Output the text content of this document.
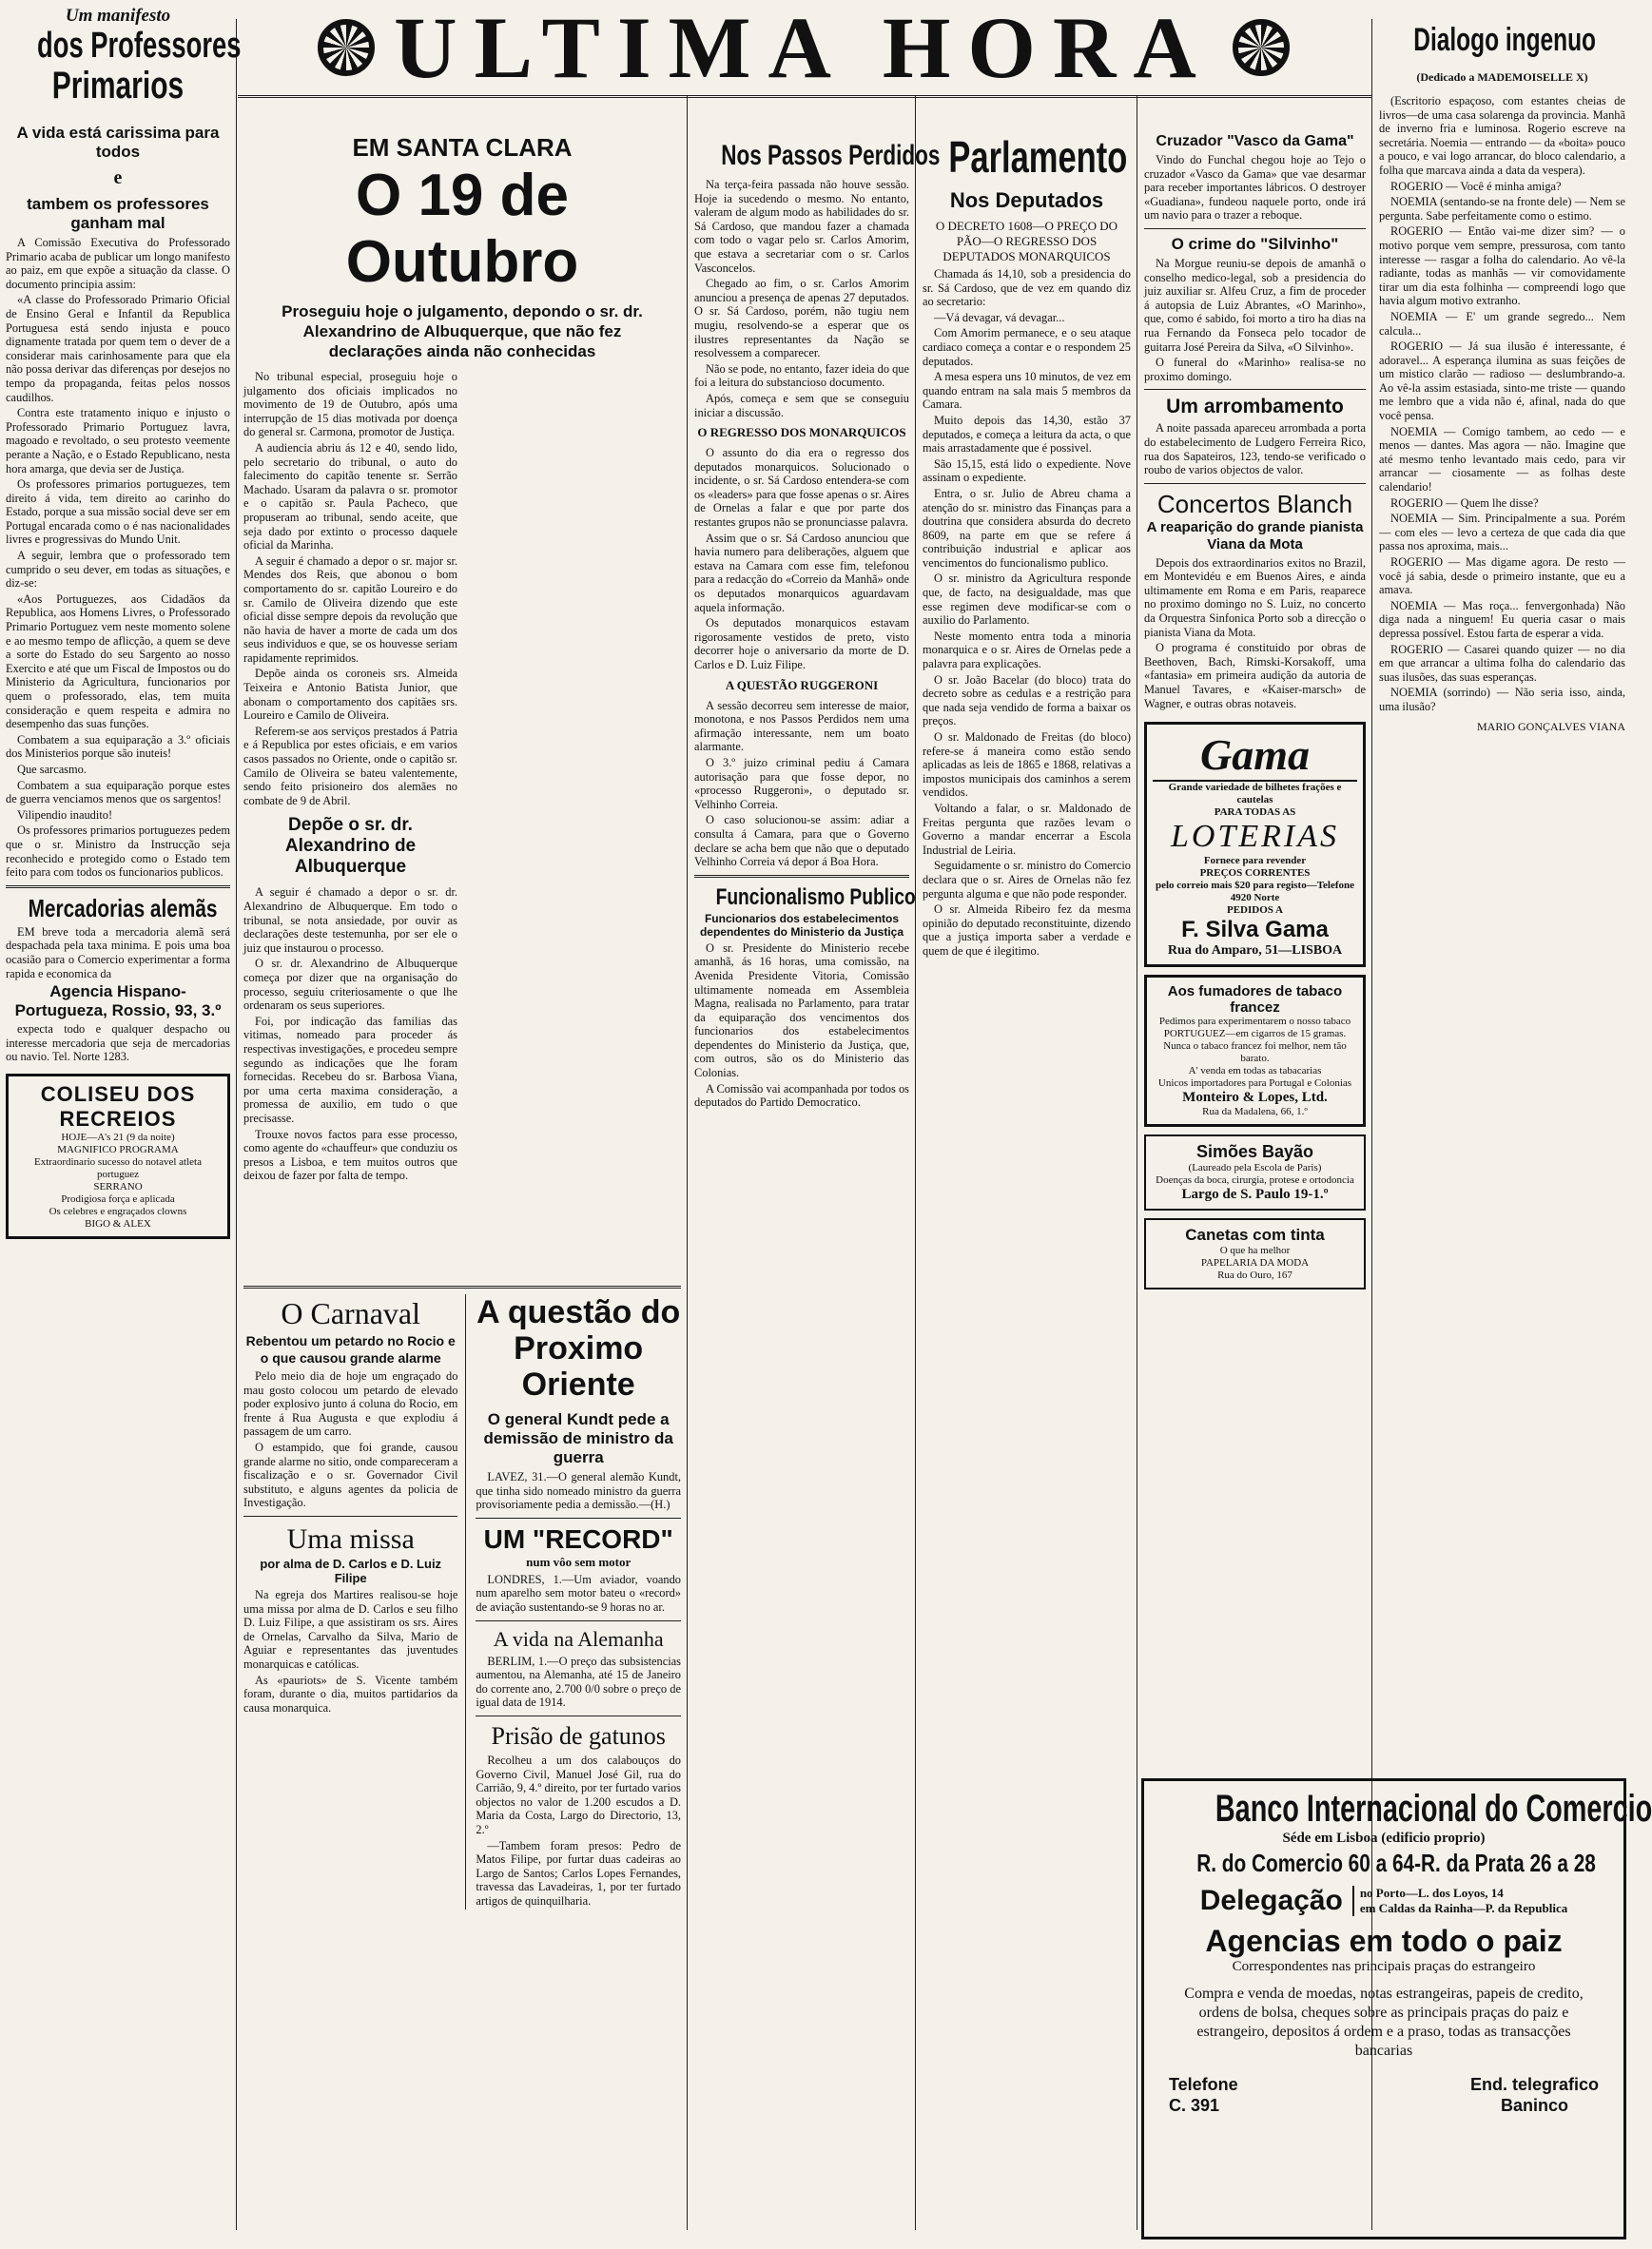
ULTIMA HORA
Um manifesto
dos Professores
Primarios
A vida está carissima para todos
e
tambem os professores ganham mal

A Comissão Executiva do Professorado Primario acaba de publicar um longo manifesto ao paiz, em que expõe a situação da classe. O documento principia assim:

«A classe do Professorado Primario Oficial de Ensino Geral e Infantil da Republica Portuguesa está sendo injusta e pouco dignamente tratada por quem tem o dever de a considerar mais carinhosamente para que ela não possa derivar das diferenças por desejos no tempo da propaganda, feitas pelos nossos caudilhos.

Contra este tratamento iniquo e injusto o Professorado Primario Portuguez lavra, magoado e revoltado, o seu protesto veemente perante a Nação, e o Estado Republicano, nesta hora amarga, que devia ser de Justiça.

Os professores primarios portuguezes, tem direito á vida, tem direito ao carinho do Estado, porque a sua missão social deve ser em Portugal encarada como o é nas nacionalidades livres e progressivas do Mundo Unit.

A seguir, lembra que o professorado tem cumprido o seu dever, em todas as situações, e diz-se:

«Aos Portuguezes, aos Cidadãos da Republica, aos Homens Livres, o Professorado Primario Portuguez vem neste momento solene e ao mesmo tempo de aflicção, a quem se deve a sorte do Estado do seu Sargento ao nosso Exercito e até que um Fiscal de Impostos ou do Ministerio da Agricultura, funcionarios por quem o professorado, elas, tem muita consideração e quem respeita e admira no desempenho das suas funções.

Combatem a sua equiparação a 3.º oficiais dos Ministerios porque são inuteis!

Que sarcasmo.

Combatem a sua equiparação porque estes de guerra venciamos menos que os sargentos!

Vilipendio inaudito!

Os professores primarios portuguezes pedem que o sr. Ministro da Instrucção seja reconhecido e protegido como o Estado tem feito para com todos os funcionarios publicos.

Mercadorias alemãs

EM breve toda a mercadoria alemã será despachada pela taxa minima. E pois uma boa ocasião para o Comercio experimentar a forma rapida e economica da

Agencia Hispano-Portugueza, Rossio, 93, 3.º

expecta todo e qualquer despacho ou interesse mercadoria que seja de mercadorias ou navio. Tel. Norte 1283.

COLISEU DOS RECREIOS
HOJE—A's 21 (9 da noite)
MAGNIFICO PROGRAMA
Extraordinario sucesso do notavel atleta portuguez
SERRANO
Prodigiosa força e aplicada
Os celebres e engraçados clowns
BIGO & ALEX
EM SANTA CLARA
O 19 de Outubro
Proseguiu hoje o julgamento, depondo o sr. dr. Alexandrino de Albuquerque, que não fez declarações ainda não conhecidas

No tribunal especial, proseguiu hoje o julgamento dos oficiais implicados no movimento de 19 de Outubro, após uma interrupção de 15 dias motivada por doença do general sr. Carmona, promotor de Justiça.

A audiencia abriu ás 12 e 40, sendo lido, pelo secretario do tribunal, o auto do falecimento do capitão tenente sr. Serrão Machado. Usaram da palavra o sr. promotor e o capitão sr. Paula Pacheco, que propuseram ao tribunal, sendo aceite, que seja dado por extinto o processo daquele oficial da Marinha.

A seguir é chamado a depor o sr. major sr. Mendes dos Reis, que abonou o bom comportamento do sr. capitão Loureiro e do sr. Camilo de Oliveira dizendo que este oficial disse sempre depois da revolução que não havia de haver a morte de cada um dos seus individuos e que, se os houvesse seriam rapidamente reprimidos.

Depõe ainda os coroneis srs. Almeida Teixeira e Antonio Batista Junior, que abonam o comportamento dos capitães srs. Loureiro e Camilo de Oliveira.

Referem-se aos serviços prestados á Patria e á Republica por estes oficiais, e em varios casos passados no Oriente, onde o capitão sr. Camilo de Oliveira se bateu valentemente, sendo feito prisioneiro dos alemães no combate de 9 de Abril.

Depõe o sr. dr. Alexandrino de Albuquerque

A seguir é chamado a depor o sr. dr. Alexandrino de Albuquerque. Em todo o tribunal, se nota ansiedade, por ouvir as declarações deste testemunha, por ser ele o juiz que instaurou o processo.

O sr. dr. Alexandrino de Albuquerque começa por dizer que na organisação do processo, seguiu criteriosamente o que lhe ordenaram os seus superiores.

Foi, por indicação das familias das vitimas, nomeado para proceder ás respectivas investigações, e procedeu sempre segundo as indicações que lhe foram fornecidas. Recebeu do sr. Barbosa Viana, por uma certa maxima consideração, a promessa de auxilio, em tudo o que precisasse.

Trouxe novos factos para esse processo, como agente do «chauffeur» que conduziu os presos a Lisboa, e tem muitos outros que deixou de fazer por falta de tempo.

O Carnaval
Rebentou um petardo no Rocio e o que causou grande alarme

Pelo meio dia de hoje um engraçado do mau gosto colocou um petardo de elevado poder explosivo junto á coluna do Rocio, em frente á Rua Augusta e que explodiu á passagem de um carro.

O estampido, que foi grande, causou grande alarme no sitio, onde compareceram a fiscalização e o sr. Governador Civil substituto, e alguns agentes da policia de Investigação.

Uma missa
por alma de D. Carlos e D. Luiz Filipe

Na egreja dos Martires realisou-se hoje uma missa por alma de D. Carlos e seu filho D. Luiz Filipe, a que assistiram os srs. Aires de Ornelas, Carvalho da Silva, Mario de Aguiar e representantes das juventudes monarquicas e católicas.

As «pauriots» de S. Vicente também foram, durante o dia, muitos partidarios da causa monarquica.

A questão do Proximo Oriente
O general Kundt pede a demissão de ministro da guerra

LAVEZ, 31.—O general alemão Kundt, que tinha sido nomeado ministro da guerra provisoriamente pedia a demissão.—(H.)

UM "RECORD"
num vôo sem motor

LONDRES, 1.—Um aviador, voando num aparelho sem motor bateu o «record» de aviação sustentando-se 9 horas no ar.

A vida na Alemanha

BERLIM, 1.—O preço das subsistencias aumentou, na Alemanha, até 15 de Janeiro do corrente ano, 2.700 0/0 sobre o preço de igual data de 1914.

Prisão de gatunos

Recolheu a um dos calabouços do Governo Civil, Manuel José Gil, rua do Carrião, 9, 4.º direito, por ter furtado varios objectos no valor de 1.200 escudos a D. Maria da Costa, Largo do Directorio, 13, 2.º

—Tambem foram presos: Pedro de Matos Filipe, por furtar duas cadeiras ao Largo de Santos; Carlos Lopes Fernandes, travessa das Lavadeiras, 1, por ter furtado artigos de quinquilharia.

Nos Passos Perdidos

Na terça-feira passada não houve sessão. Hoje ia sucedendo o mesmo. No entanto, valeram de algum modo as habilidades do sr. Sá Cardoso, que mandou fazer a chamada com todo o vagar pelo sr. Carlos Amorim, que estava a secretariar com o sr. Carlos Vasconcelos.

Chegado ao fim, o sr. Carlos Amorim anunciou a presença de apenas 27 deputados. O sr. Sá Cardoso, porém, não tugiu nem mugiu, resolvendo-se a esperar que os ilustres representantes da Nação se resolvessem a comparecer.

Não se pode, no entanto, fazer ideia do que foi a leitura do substancioso documento.

Após, começa e sem que se conseguiu iniciar a discussão.

O REGRESSO DOS MONARQUICOS

O assunto do dia era o regresso dos deputados monarquicos. Solucionado o incidente, o sr. Sá Cardoso entendera-se com os «leaders» para que fosse apenas o sr. Aires de Ornelas a falar e que por parte dos restantes grupos não se pronunciasse palavra.

Assim que o sr. Sá Cardoso anunciou que havia numero para deliberações, alguem que estava na Camara com esse fim, telefonou para a redacção do «Correio da Manhã» onde os deputados monarquicos aguardavam aquela informação.

Os deputados monarquicos estavam rigorosamente vestidos de preto, visto decorrer hoje o aniversario da morte de D. Carlos e D. Luiz Filipe.

A QUESTÃO RUGGERONI

A sessão decorreu sem interesse de maior, monotona, e nos Passos Perdidos nem uma afirmação interessante, nem um boato alarmante.

O 3.º juizo criminal pediu á Camara autorisação para que fosse depor, no «processo Ruggeroni», o deputado sr. Velhinho Correia.

O caso solucionou-se assim: adiar a consulta á Camara, para que o Governo declare se acha bem que não que o deputado Velhinho Correia vá depor á Boa Hora.

Funcionalismo Publico
Funcionarios dos estabelecimentos dependentes do Ministerio da Justiça

O sr. Presidente do Ministerio recebe amanhã, ás 16 horas, uma comissão, na Avenida Presidente Vitoria, Comissão ultimamente nomeada em Assembleia Magna, realisada no Parlamento, para tratar da equiparação dos vencimentos dos funcionarios dos estabelecimentos dependentes do Ministerio da Justiça, que, com outros, são os do Ministerio das Colonias.

A Comissão vai acompanhada por todos os deputados do Partido Democratico.

Parlamento
Nos Deputados
O DECRETO 1608—O PREÇO DO PÃO—O REGRESSO DOS DEPUTADOS MONARQUICOS

Chamada ás 14,10, sob a presidencia do sr. Sá Cardoso, que de vez em quando diz ao secretario:

—Vá devagar, vá devagar...

Com Amorim permanece, e o seu ataque cardiaco começa a contar e o respondem 25 deputados.

A mesa espera uns 10 minutos, de vez em quando entram na sala mais 5 membros da Camara.

Muito depois das 14,30, estão 37 deputados, e começa a leitura da acta, o que mais arrastadamente que é possivel.

São 15,15, está lido o expediente. Nove assinam o expediente.

Entra, o sr. Julio de Abreu chama a atenção do sr. ministro das Finanças para a doutrina que considera absurda do decreto 8609, na parte em que se refere á contribuição industrial e aplicar aos vencimentos do funcionalismo publico.

O sr. ministro da Agricultura responde que, de facto, na desigualdade, mas que esse regimen deve modificar-se com o auxilio do Parlamento.

Neste momento entra toda a minoria monarquica e o sr. Aires de Ornelas pede a palavra para explicações.

O sr. João Bacelar (do bloco) trata do decreto sobre as cedulas e a restrição para que nada seja vendido de forma a baixar os preços.

O sr. Maldonado de Freitas (do bloco) refere-se á maneira como estão sendo aplicadas as leis de 1865 e 1868, relativas a impostos municipais dos caminhos a serem vendidos.

Voltando a falar, o sr. Maldonado de Freitas pergunta que razões levam o Governo a mandar encerrar a Escola Industrial de Leiria.

Seguidamente o sr. ministro do Comercio declara que o sr. Aires de Ornelas não fez pergunta alguma e que não pode responder.

O sr. Almeida Ribeiro fez da mesma opinião do deputado reconstituinte, dizendo que a justiça importa saber a verdade e quem de que é ilegitimo.

Cruzador "Vasco da Gama"

Vindo do Funchal chegou hoje ao Tejo o cruzador «Vasco da Gama» que vae desarmar para receber importantes lábricos. O destroyer «Guadiana», fundeou naquele porto, onde irá um navio para o trazer a reboque.

O crime do "Silvinho"

Na Morgue reuniu-se depois de amanhã o conselho medico-legal, sob a presidencia do juiz auxiliar sr. Alfeu Cruz, a fim de proceder á autopsia de Luiz Abrantes, «O Marinho», que, como é sabido, foi morto a tiro ha dias na rua Fernando da Fonseca pelo tocador de guitarra José Pereira da Silva, «O Silvinho».

O funeral do «Marinho» realisa-se no proximo domingo.

Um arrombamento

A noite passada apareceu arrombada a porta do estabelecimento de Ludgero Ferreira Rico, rua dos Sapateiros, 123, tendo-se verificado o roubo de varios objectos de valor.

Concertos Blanch
A reaparição do grande pianista Viana da Mota

Depois dos extraordinarios exitos no Brazil, em Montevidéu e em Buenos Aires, e ainda ultimamente em Roma e em Paris, reaparece no proximo domingo no S. Luiz, no concerto da Orquestra Sinfonica Porto sob a direcção o pianista Viana da Mota.

O programa é constituido por obras de Beethoven, Bach, Rimski-Korsakoff, uma «fantasia» em primeira audição da autoria de Manuel Tavares, e «Kaiser-marsch» de Wagner, e outras obras notaveis.

Gama
Grande variedade de bilhetes frações e cautelas
PARA TODAS AS
LOTERIAS
Fornece para revender
PREÇOS CORRENTES
pelo correio mais $20 para registo—Telefone 4920 Norte
PEDIDOS A
F. Silva Gama
Rua do Amparo, 51—LISBOA
Aos fumadores de tabaco francez
Pedimos para experimentarem o nosso tabaco PORTUGUEZ—em cigarros de 15 gramas. Nunca o tabaco francez foi melhor, nem tão barato.
A' venda em todas as tabacarias
Unicos importadores para Portugal e Colonias
Monteiro & Lopes, Ltd.
Rua da Madalena, 66, 1.º
Simões Bayão
(Laureado pela Escola de Paris)
Doenças da boca, cirurgia, protese e ortodoncia
Largo de S. Paulo 19-1.º
Canetas com tinta
O que ha melhor
PAPELARIA DA MODA
Rua do Ouro, 167
Dialogo ingenuo
(Dedicado a MADEMOISELLE X)

(Escritorio espaçoso, com estantes cheias de livros—de uma casa solarenga da provincia. Manhã de inverno fria e luminosa. Rogerio escreve na secretária. Noemia — entrando — da «boita» pouco a pouco, e vai logo arrancar, do bloco calendario, a folha que marcava ainda a data da vespera).

ROGERIO — Você é minha amiga?

NOEMIA (sentando-se na fronte dele) — Nem se pergunta. Sabe perfeitamente como o estimo.

ROGERIO — Então vai-me dizer sim? — o motivo porque vem sempre, pressurosa, com tanto interesse — rasgar a folha do calendario. Ao vê-la radiante, todas as manhãs — vir comovidamente tirar um dia esta folhinha — compreendi logo que havia algum motivo extranho.

NOEMIA — E' um grande segredo... Nem calcula...

ROGERIO — Já sua ilusão é interessante, é adoravel... A esperança ilumina as suas feições de um mistico clarão — radioso — deslumbrando-a. Ao vê-la assim estasiada, sinto-me triste — quando me lembro que a vida não é, afinal, nada do que você pensa.

NOEMIA — Comigo tambem, ao cedo — e menos — dantes. Mas agora — não. Imagine que até mesmo tenho levantado mais cedo, para vir arrancar — ciosamente — as folhas deste calendario!

ROGERIO — Quem lhe disse?

NOEMIA — Sim. Principalmente a sua. Porém — com eles — levo a certeza de que cada dia que passa nos aproxima, mais...

ROGERIO — Mas digame agora. De resto — você já sabia, desde o primeiro instante, que eu a amava.

NOEMIA — Mas roça... fenvergonhada) Não diga nada a ninguem! Eu queria casar o mais depressa possível. Estou farta de esperar a vida.

ROGERIO — Casarei quando quizer — no dia em que arrancar a ultima folha do calendario das suas ilusões, das suas esperanças.

NOEMIA (sorrindo) — Não seria isso, ainda, uma ilusão?

MARIO GONÇALVES VIANA
Banco Internacional do Comercio
Séde em Lisboa (edificio proprio)
R. do Comercio 60 a 64-R. da Prata 26 a 28
Delegação	no Porto—L. dos Loyos, 14
em Caldas da Rainha—P. da Republica
Agencias em todo o paiz
Correspondentes nas principais praças do estrangeiro
Compra e venda de moedas, notas estrangeiras, papeis de credito, ordens de bolsa, cheques sobre as principais praças do paiz e estrangeiro, depositos á ordem e a praso, todas as transacções bancarias
Telefone
C. 391
End. telegrafico
Baninco
